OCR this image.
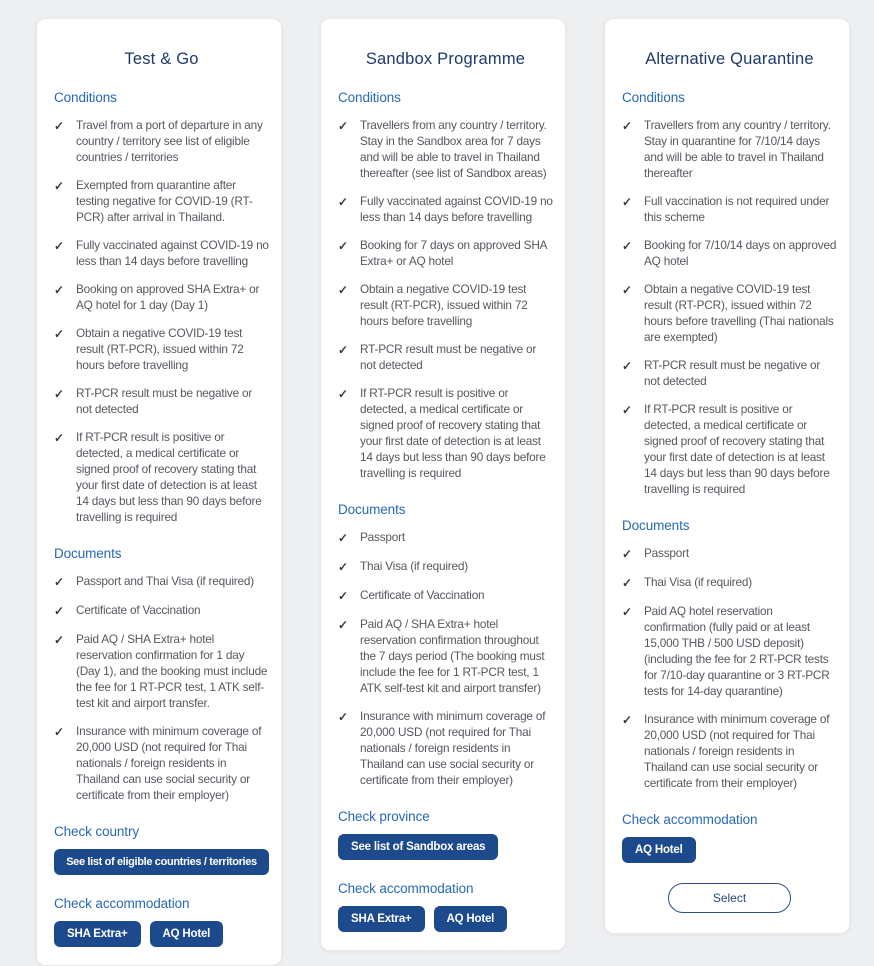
Test & Go
Conditions
✓	Travel from a port of departure in any country / territory see list of eligible countries / territories
✓	Exempted from quarantine after testing negative for COVID-19 (RT-PCR) after arrival in Thailand.
✓	Fully vaccinated against COVID-19 no less than 14 days before travelling
✓	Booking on approved SHA Extra+ or AQ hotel for 1 day (Day 1)
✓	Obtain a negative COVID-19 test result (RT-PCR), issued within 72 hours before travelling
✓	RT-PCR result must be negative or not detected
✓	If RT-PCR result is positive or detected, a medical certificate or signed proof of recovery stating that your first date of detection is at least 14 days but less than 90 days before travelling is required
Documents
✓	Passport and Thai Visa (if required)
✓	Certificate of Vaccination
✓	Paid AQ / SHA Extra+ hotel reservation confirmation for 1 day (Day 1), and the booking must include the fee for 1 RT-PCR test, 1 ATK self-test kit and airport transfer.
✓	Insurance with minimum coverage of 20,000 USD (not required for Thai nationals / foreign residents in Thailand can use social security or certificate from their employer)
Check country
See list of eligible countries / territories
Check accommodation
SHA Extra+	AQ Hotel
Sandbox Programme
Conditions
✓	Travellers from any country / territory. Stay in the Sandbox area for 7 days and will be able to travel in Thailand thereafter (see list of Sandbox areas)
✓	Fully vaccinated against COVID-19 no less than 14 days before travelling
✓	Booking for 7 days on approved SHA Extra+ or AQ hotel
✓	Obtain a negative COVID-19 test result (RT-PCR), issued within 72 hours before travelling
✓	RT-PCR result must be negative or not detected
✓	If RT-PCR result is positive or detected, a medical certificate or signed proof of recovery stating that your first date of detection is at least 14 days but less than 90 days before travelling is required
Documents
✓	Passport
✓	Thai Visa (if required)
✓	Certificate of Vaccination
✓	Paid AQ / SHA Extra+ hotel reservation confirmation throughout the 7 days period (The booking must include the fee for 1 RT-PCR test, 1 ATK self-test kit and airport transfer)
✓	Insurance with minimum coverage of 20,000 USD (not required for Thai nationals / foreign residents in Thailand can use social security or certificate from their employer)
Check province
See list of Sandbox areas
Check accommodation
SHA Extra+	AQ Hotel
Alternative Quarantine
Conditions
✓	Travellers from any country / territory. Stay in quarantine for 7/10/14 days and will be able to travel in Thailand thereafter
✓	Full vaccination is not required under this scheme
✓	Booking for 7/10/14 days on approved AQ hotel
✓	Obtain a negative COVID-19 test result (RT-PCR), issued within 72 hours before travelling (Thai nationals are exempted)
✓	RT-PCR result must be negative or not detected
✓	If RT-PCR result is positive or detected, a medical certificate or signed proof of recovery stating that your first date of detection is at least 14 days but less than 90 days before travelling is required
Documents
✓	Passport
✓	Thai Visa (if required)
✓	Paid AQ hotel reservation confirmation (fully paid or at least 15,000 THB / 500 USD deposit) (including the fee for 2 RT-PCR tests for 7/10-day quarantine or 3 RT-PCR tests for 14-day quarantine)
✓	Insurance with minimum coverage of 20,000 USD (not required for Thai nationals / foreign residents in Thailand can use social security or certificate from their employer)
Check accommodation
AQ Hotel
Select
